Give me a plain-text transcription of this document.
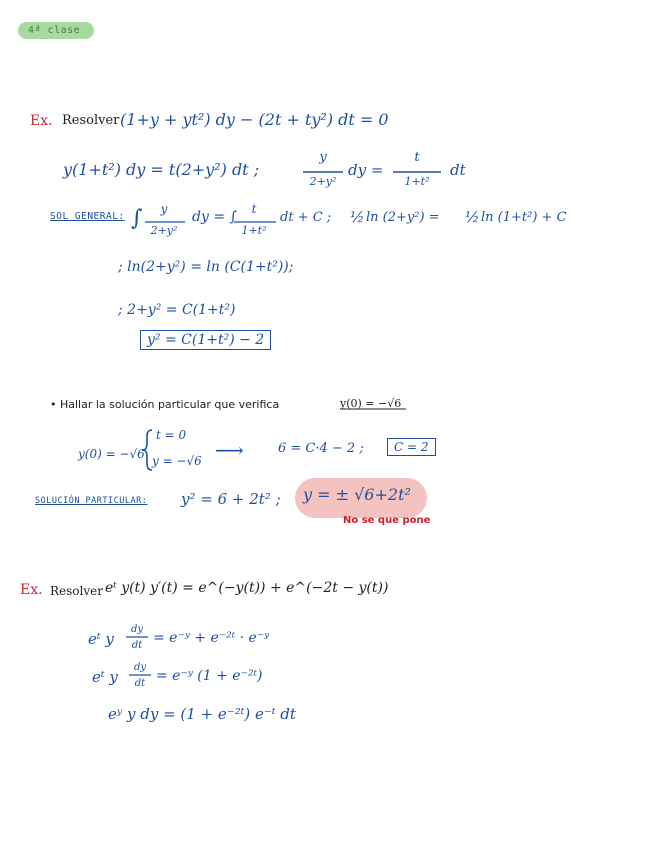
4ª clase
Ex. Resolver (1+y + yt²) dy − (2t + ty²) dt = 0
y(1+t²) dy = t(2+y²) dt ;
y
2+y²
dy =
t
1+t²
dt
SOL GENERAL: ∫	y
2+y²
dy = ∫	t
1+t²
dt + C ; ½ ln (2+y²) = ½ ln (1+t²) + C
; ln(2+y²) = ln (C(1+t²));
; 2+y² = C(1+t²)
y² = C(1+t²) − 2
• Hallar la solución particular que verifica	y(0) = −√6
y(0) = −√6
t = 0
y = −√6 ⟶	6 = C·4 − 2 ;	C = 2
SOLUCIÓN PARTICULAR: y² = 6 + 2t² ; y = ± √6+2t²
No se que pone
Ex. Resolver eᵗ y(t) y′(t) = e^(−y(t)) + e^(−2t − y(t))
eᵗ y
dy
dt = e⁻ʸ + e⁻²ᵗ · e⁻ʸ
eᵗ y
dy
dt = e⁻ʸ (1 + e⁻²ᵗ)
eʸ y dy = (1 + e⁻²ᵗ) e⁻ᵗ dt
